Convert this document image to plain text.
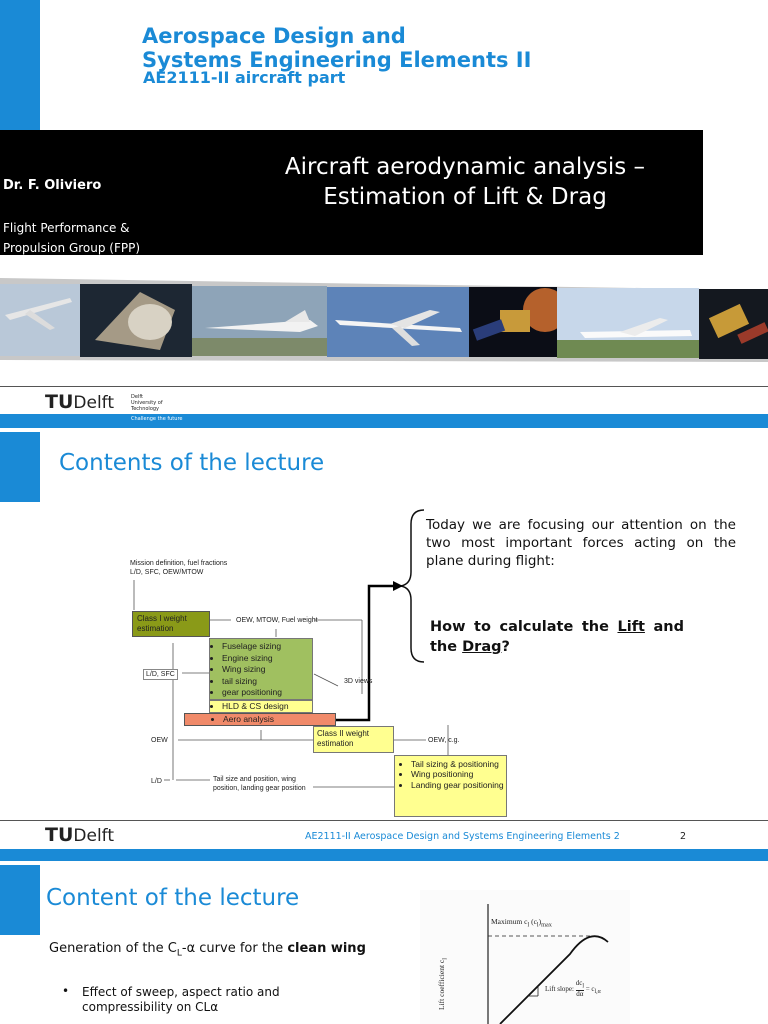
Aerospace Design and
Systems Engineering Elements II
AE2111-II aircraft part
Dr. F. Oliviero
Flight Performance &
Propulsion Group (FPP)
Aircraft aerodynamic analysis –
Estimation of Lift & Drag
TUDelft	Delft
University of
Technology
Challenge the future
Contents of the lecture
Today we are focusing our attention on the two most important forces acting on the plane during flight:
How to calculate the Lift and the Drag?
Mission definition, fuel fractions
L/D, SFC, OEW/MTOW
Class I weight
estimation
OEW, MTOW, Fuel weight
• Fuselage sizing
• Engine sizing
• Wing sizing
• tail sizing
• gear positioning
L/D, SFC
3D views
• HLD & CS design
• Aero analysis
OEW
Class II weight
estimation	OEW, c.g.
L/D	Tail size and position, wing
position, landing gear position
• Tail sizing & positioning
• Wing positioning
• Landing gear positioning
TUDelft	AE2111-II Aerospace Design and Systems Engineering Elements 2	2
Content of the lecture
Generation of the $C_L-\alpha$ curve for the clean wing
•	Effect of sweep, aspect ratio and compressibility on CLα
Maximum $c_l$ $(c_l)_{max}$
Lift coefficient $c_l$
Lift slope:
$dc_l$
dα
= $c_{l,\alpha}$
